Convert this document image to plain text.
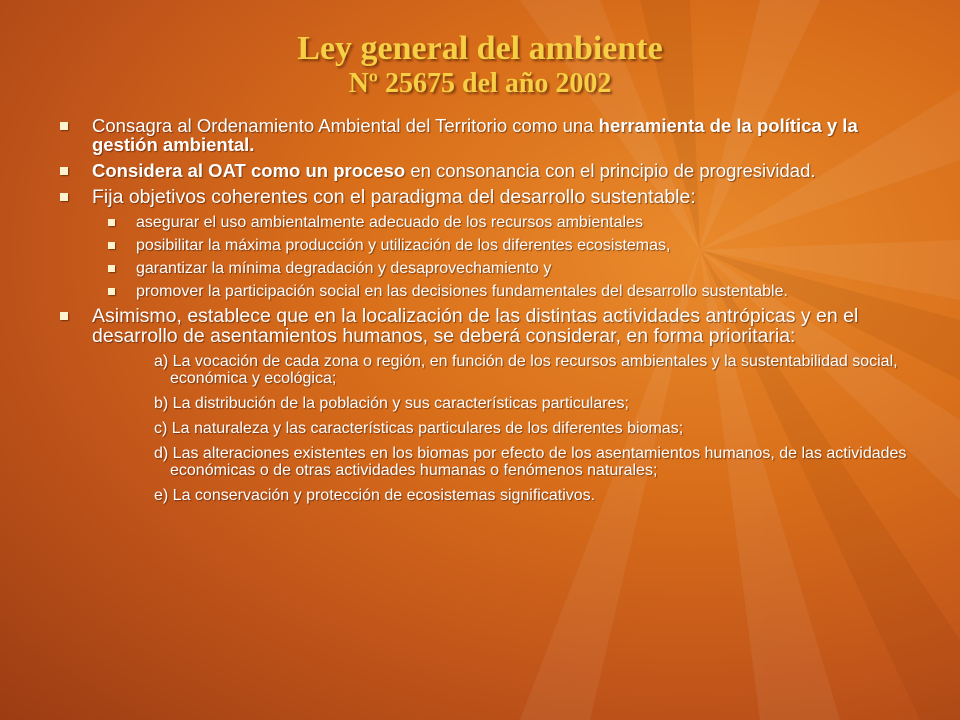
Ley general del ambiente
Nº 25675 del año 2002
Consagra al Ordenamiento Ambiental del Territorio como una herramienta de la política y la gestión ambiental.
Considera al OAT como un proceso en consonancia con el principio de progresividad.
Fija objetivos coherentes con el paradigma del desarrollo sustentable:
asegurar el uso ambientalmente adecuado de los recursos ambientales
posibilitar la máxima producción y utilización de los diferentes ecosistemas,
garantizar la mínima degradación y desaprovechamiento y
promover la participación social en las decisiones fundamentales del desarrollo sustentable.
Asimismo, establece que en la localización de las distintas actividades antrópicas y en el desarrollo de asentamientos humanos, se deberá considerar, en forma prioritaria:
a) La vocación de cada zona o región, en función de los recursos ambientales y la sustentabilidad social, económica y ecológica;
b) La distribución de la población y sus características particulares;
c) La naturaleza y las características particulares de los diferentes biomas;
d) Las alteraciones existentes en los biomas por efecto de los asentamientos humanos, de las actividades económicas o de otras actividades humanas o fenómenos naturales;
e) La conservación y protección de ecosistemas significativos.
